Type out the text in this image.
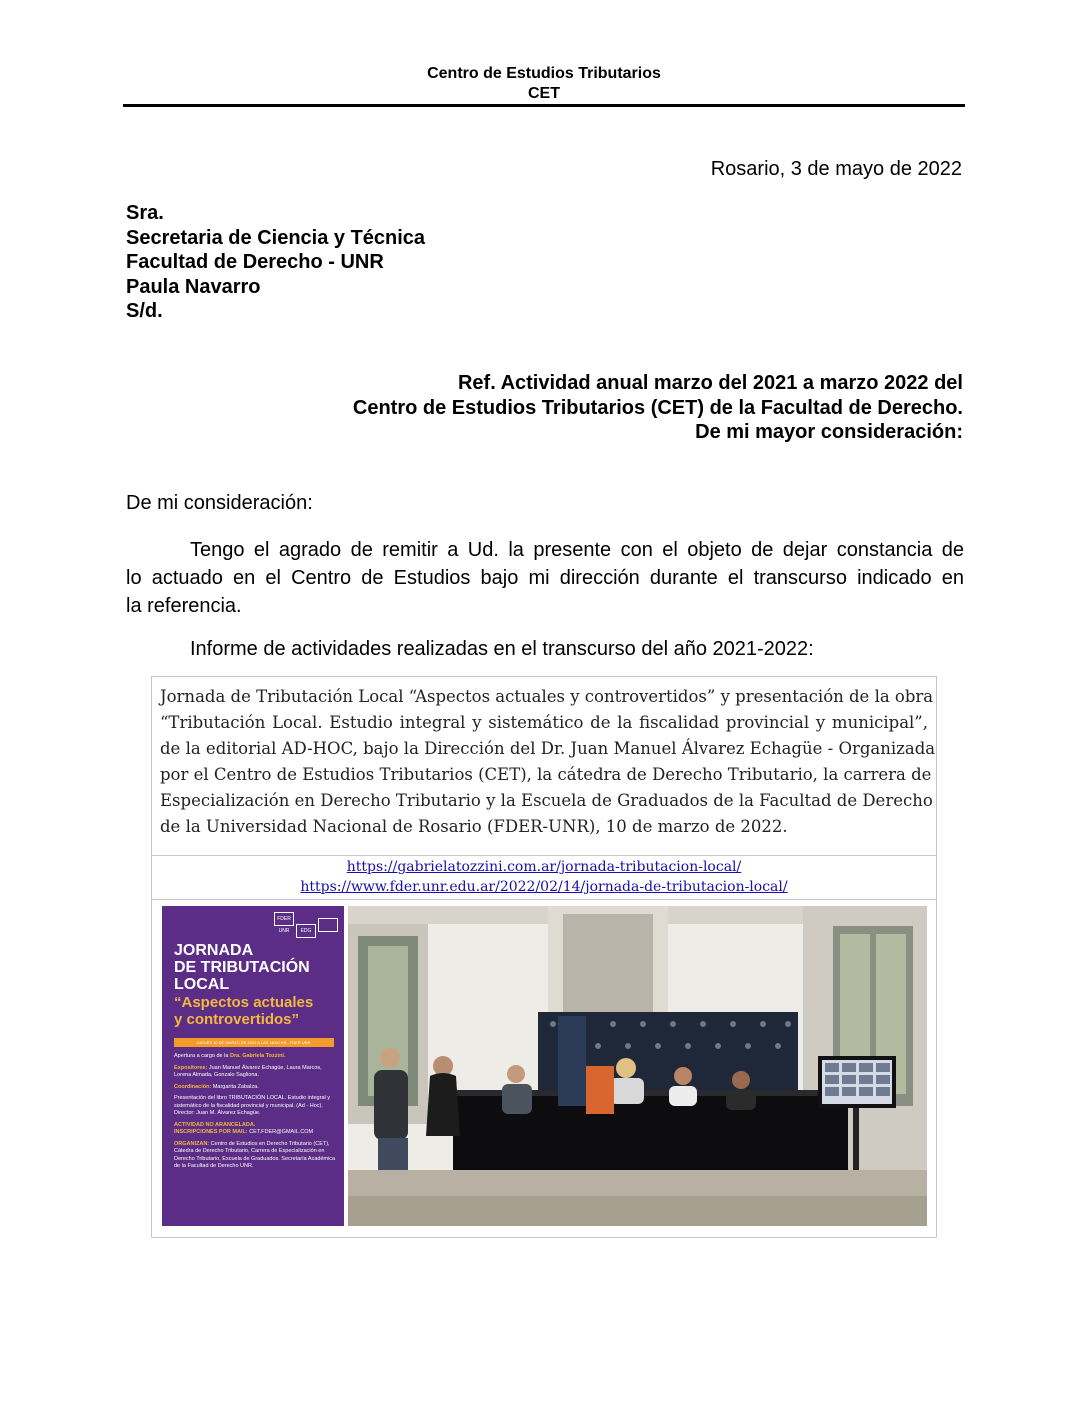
Centro de Estudios Tributarios
CET
Rosario, 3 de mayo de 2022
Sra.
Secretaria de Ciencia y Técnica
Facultad de Derecho - UNR
Paula Navarro
S/d.
Ref. Actividad anual marzo del 2021 a marzo 2022 del
Centro de Estudios Tributarios (CET) de la Facultad de Derecho.
De mi mayor consideración:
De mi consideración:
Tengo el agrado de remitir a Ud. la presente con el objeto de dejar constancia de
lo actuado en el Centro de Estudios bajo mi dirección durante el transcurso indicado en
la referencia.
Informe de actividades realizadas en el transcurso del año 2021-2022:
Jornada de Tributación Local “Aspectos actuales y controvertidos” y presentación de la obra
“Tributación Local. Estudio integral y sistemático de la fiscalidad provincial y municipal”,
de la editorial AD-HOC, bajo la Dirección del Dr. Juan Manuel Álvarez Echagüe - Organizada
por el Centro de Estudios Tributarios (CET), la cátedra de Derecho Tributario, la carrera de
Especialización en Derecho Tributario y la Escuela de Graduados de la Facultad de Derecho
de la Universidad Nacional de Rosario (FDER-UNR), 10 de marzo de 2022.
https://gabrielatozzini.com.ar/jornada-tributacion-local/
https://www.fder.unr.edu.ar/2022/02/14/jornada-de-tributacion-local/
FDER UNR EDG
JORNADA
DE TRIBUTACIÓN
LOCAL
“Aspectos actuales
y controvertidos”
JUEVES 10 DE MARZO DE 2022 A LAS 18:00 HS - FDER UNR.
Apertura a cargo de la Dra. Gabriela Tozzini.
Expositores: Juan Manuel Álvarez Echagüe, Laura Marcos, Lorena Almada, Gonzalo Sagliona.
Coordinación: Margarita Zabalza.
Presentación del libro TRIBUTACIÓN LOCAL. Estudio integral y sistemático de la fiscalidad provincial y municipal. (Ad - Hoc). Director: Juan M. Álvarez Echagüe.
ACTIVIDAD NO ARANCELADA.
INSCRIPCIONES POR MAIL: CET.FDER@GMAIL.COM
ORGANIZAN: Centro de Estudios en Derecho Tributario (CET), Cátedra de Derecho Tributario, Carrera de Especialización en Derecho Tributario, Escuela de Graduados. Secretaría Académica de la Facultad de Derecho UNR.
